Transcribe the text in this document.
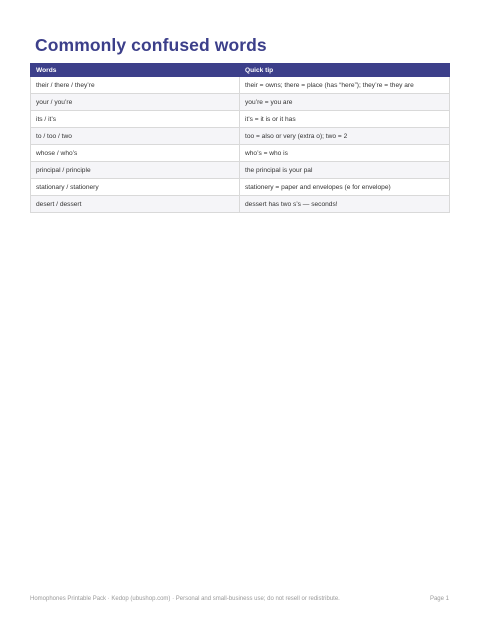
Commonly confused words
Words	Quick tip
their / there / they’re	their = owns; there = place (has “here”); they’re = they are
your / you’re	you’re = you are
its / it’s	it’s = it is or it has
to / too / two	too = also or very (extra o); two = 2
whose / who’s	who’s = who is
principal / principle	the principal is your pal
stationary / stationery	stationery = paper and envelopes (e for envelope)
desert / dessert	dessert has two s’s — seconds!
Homophones Printable Pack · Kedop (ubushop.com) · Personal and small-business use; do not resell or redistribute.	Page 1
